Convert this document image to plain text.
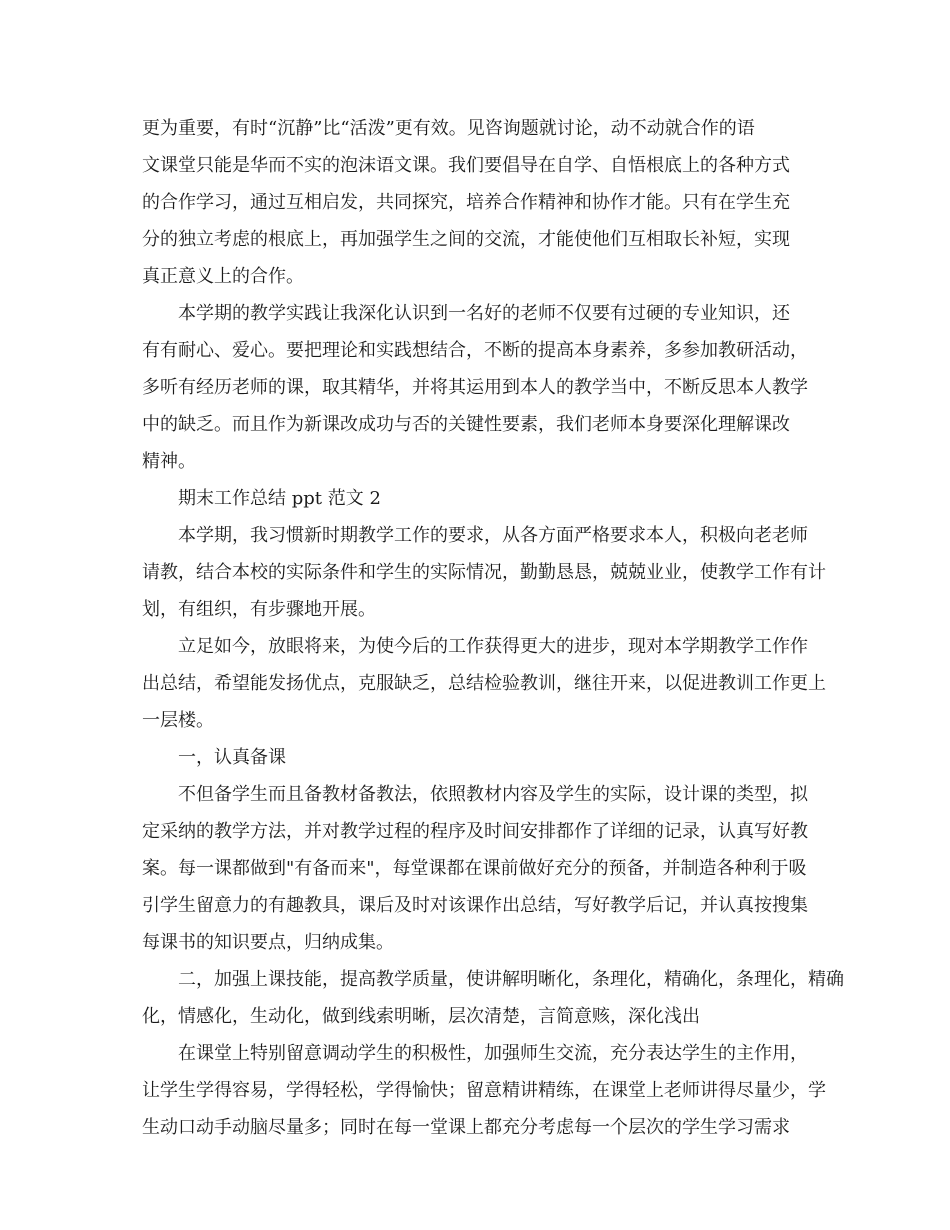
更为重要，有时“沉静”比“活泼”更有效。见咨询题就讨论，动不动就合作的语
文课堂只能是华而不实的泡沫语文课。我们要倡导在自学、自悟根底上的各种方式
的合作学习，通过互相启发，共同探究，培养合作精神和协作才能。只有在学生充
分的独立考虑的根底上，再加强学生之间的交流，才能使他们互相取长补短，实现
真正意义上的合作。
本学期的教学实践让我深化认识到一名好的老师不仅要有过硬的专业知识，还
有有耐心、爱心。要把理论和实践想结合，不断的提高本身素养，多参加教研活动，
多听有经历老师的课，取其精华，并将其运用到本人的教学当中，不断反思本人教学
中的缺乏。而且作为新课改成功与否的关键性要素，我们老师本身要深化理解课改
精神。
期末工作总结 ppt 范文 2
本学期，我习惯新时期教学工作的要求，从各方面严格要求本人，积极向老老师
请教，结合本校的实际条件和学生的实际情况，勤勤恳恳，兢兢业业，使教学工作有计
划，有组织，有步骤地开展。
立足如今，放眼将来，为使今后的工作获得更大的进步，现对本学期教学工作作
出总结，希望能发扬优点，克服缺乏，总结检验教训，继往开来，以促进教训工作更上
一层楼。
一，认真备课
不但备学生而且备教材备教法，依照教材内容及学生的实际，设计课的类型，拟
定采纳的教学方法，并对教学过程的程序及时间安排都作了详细的记录，认真写好教
案。每一课都做到"有备而来"，每堂课都在课前做好充分的预备，并制造各种利于吸
引学生留意力的有趣教具，课后及时对该课作出总结，写好教学后记，并认真按搜集
每课书的知识要点，归纳成集。
二，加强上课技能，提高教学质量，使讲解明晰化，条理化，精确化，条理化，精确
化，情感化，生动化，做到线索明晰，层次清楚，言简意赅，深化浅出
在课堂上特别留意调动学生的积极性，加强师生交流，充分表达学生的主作用，
让学生学得容易，学得轻松，学得愉快；留意精讲精练，在课堂上老师讲得尽量少，学
生动口动手动脑尽量多；同时在每一堂课上都充分考虑每一个层次的学生学习需求
